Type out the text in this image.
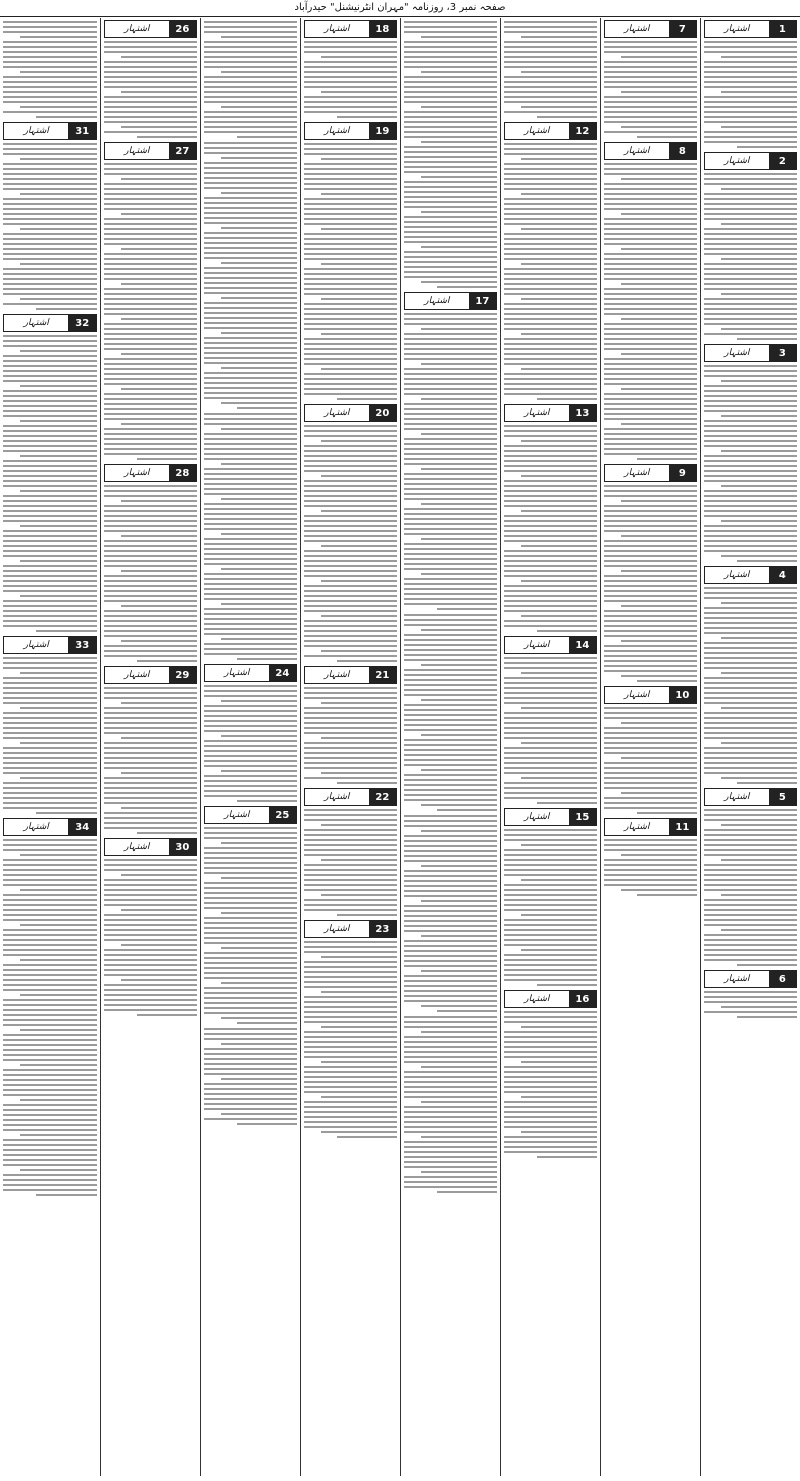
صفحہ نمبر 3، روزنامہ "مہران انٹرنیشنل" حیدرآباد
اشتہار	1
اشتہار	2
اشتہار	3
اشتہار	4
اشتہار	5
اشتہار	6
اشتہار	7
اشتہار	8
اشتہار	9
اشتہار	10
اشتہار	11
اشتہار	12
اشتہار	13
اشتہار	14
اشتہار	15
اشتہار	16
اشتہار	17
اشتہار	18
اشتہار	19
اشتہار	20
اشتہار	21
اشتہار	22
اشتہار	23
اشتہار	24
اشتہار	25
اشتہار	26
اشتہار	27
اشتہار	28
اشتہار	29
اشتہار	30
اشتہار	31
اشتہار	32
اشتہار	33
اشتہار	34
